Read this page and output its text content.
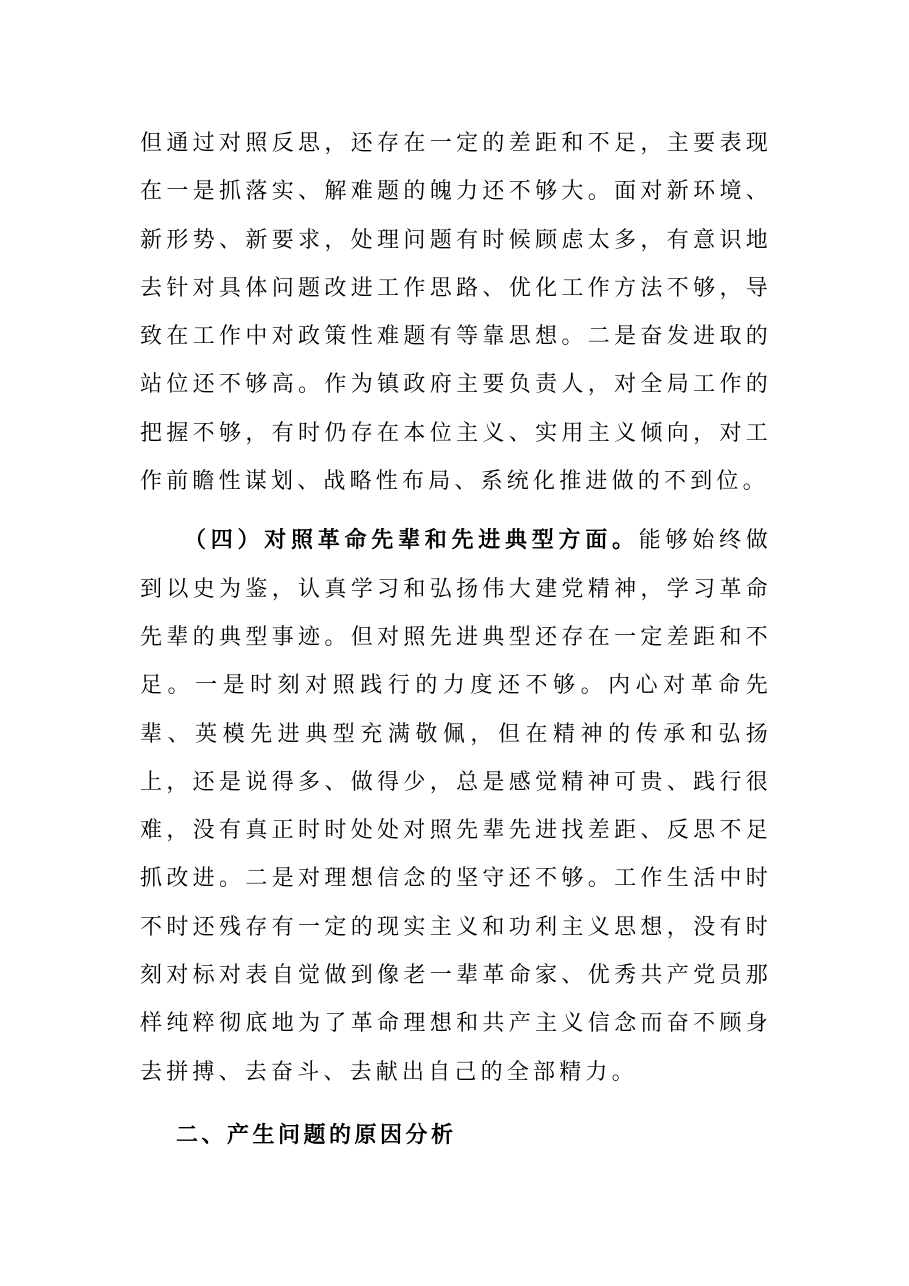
但通过对照反思，还存在一定的差距和不足，主要表现在一是抓落实、解难题的魄力还不够大。面对新环境、新形势、新要求，处理问题有时候顾虑太多，有意识地去针对具体问题改进工作思路、优化工作方法不够，导致在工作中对政策性难题有等靠思想。二是奋发进取的站位还不够高。作为镇政府主要负责人，对全局工作的把握不够，有时仍存在本位主义、实用主义倾向，对工作前瞻性谋划、战略性布局、系统化推进做的不到位。

（四）对照革命先辈和先进典型方面。能够始终做到以史为鉴，认真学习和弘扬伟大建党精神，学习革命先辈的典型事迹。但对照先进典型还存在一定差距和不足。一是时刻对照践行的力度还不够。内心对革命先辈、英模先进典型充满敬佩，但在精神的传承和弘扬上，还是说得多、做得少，总是感觉精神可贵、践行很难，没有真正时时处处对照先辈先进找差距、反思不足抓改进。二是对理想信念的坚守还不够。工作生活中时不时还残存有一定的现实主义和功利主义思想，没有时刻对标对表自觉做到像老一辈革命家、优秀共产党员那样纯粹彻底地为了革命理想和共产主义信念而奋不顾身去拼搏、去奋斗、去献出自己的全部精力。

二、产生问题的原因分析
